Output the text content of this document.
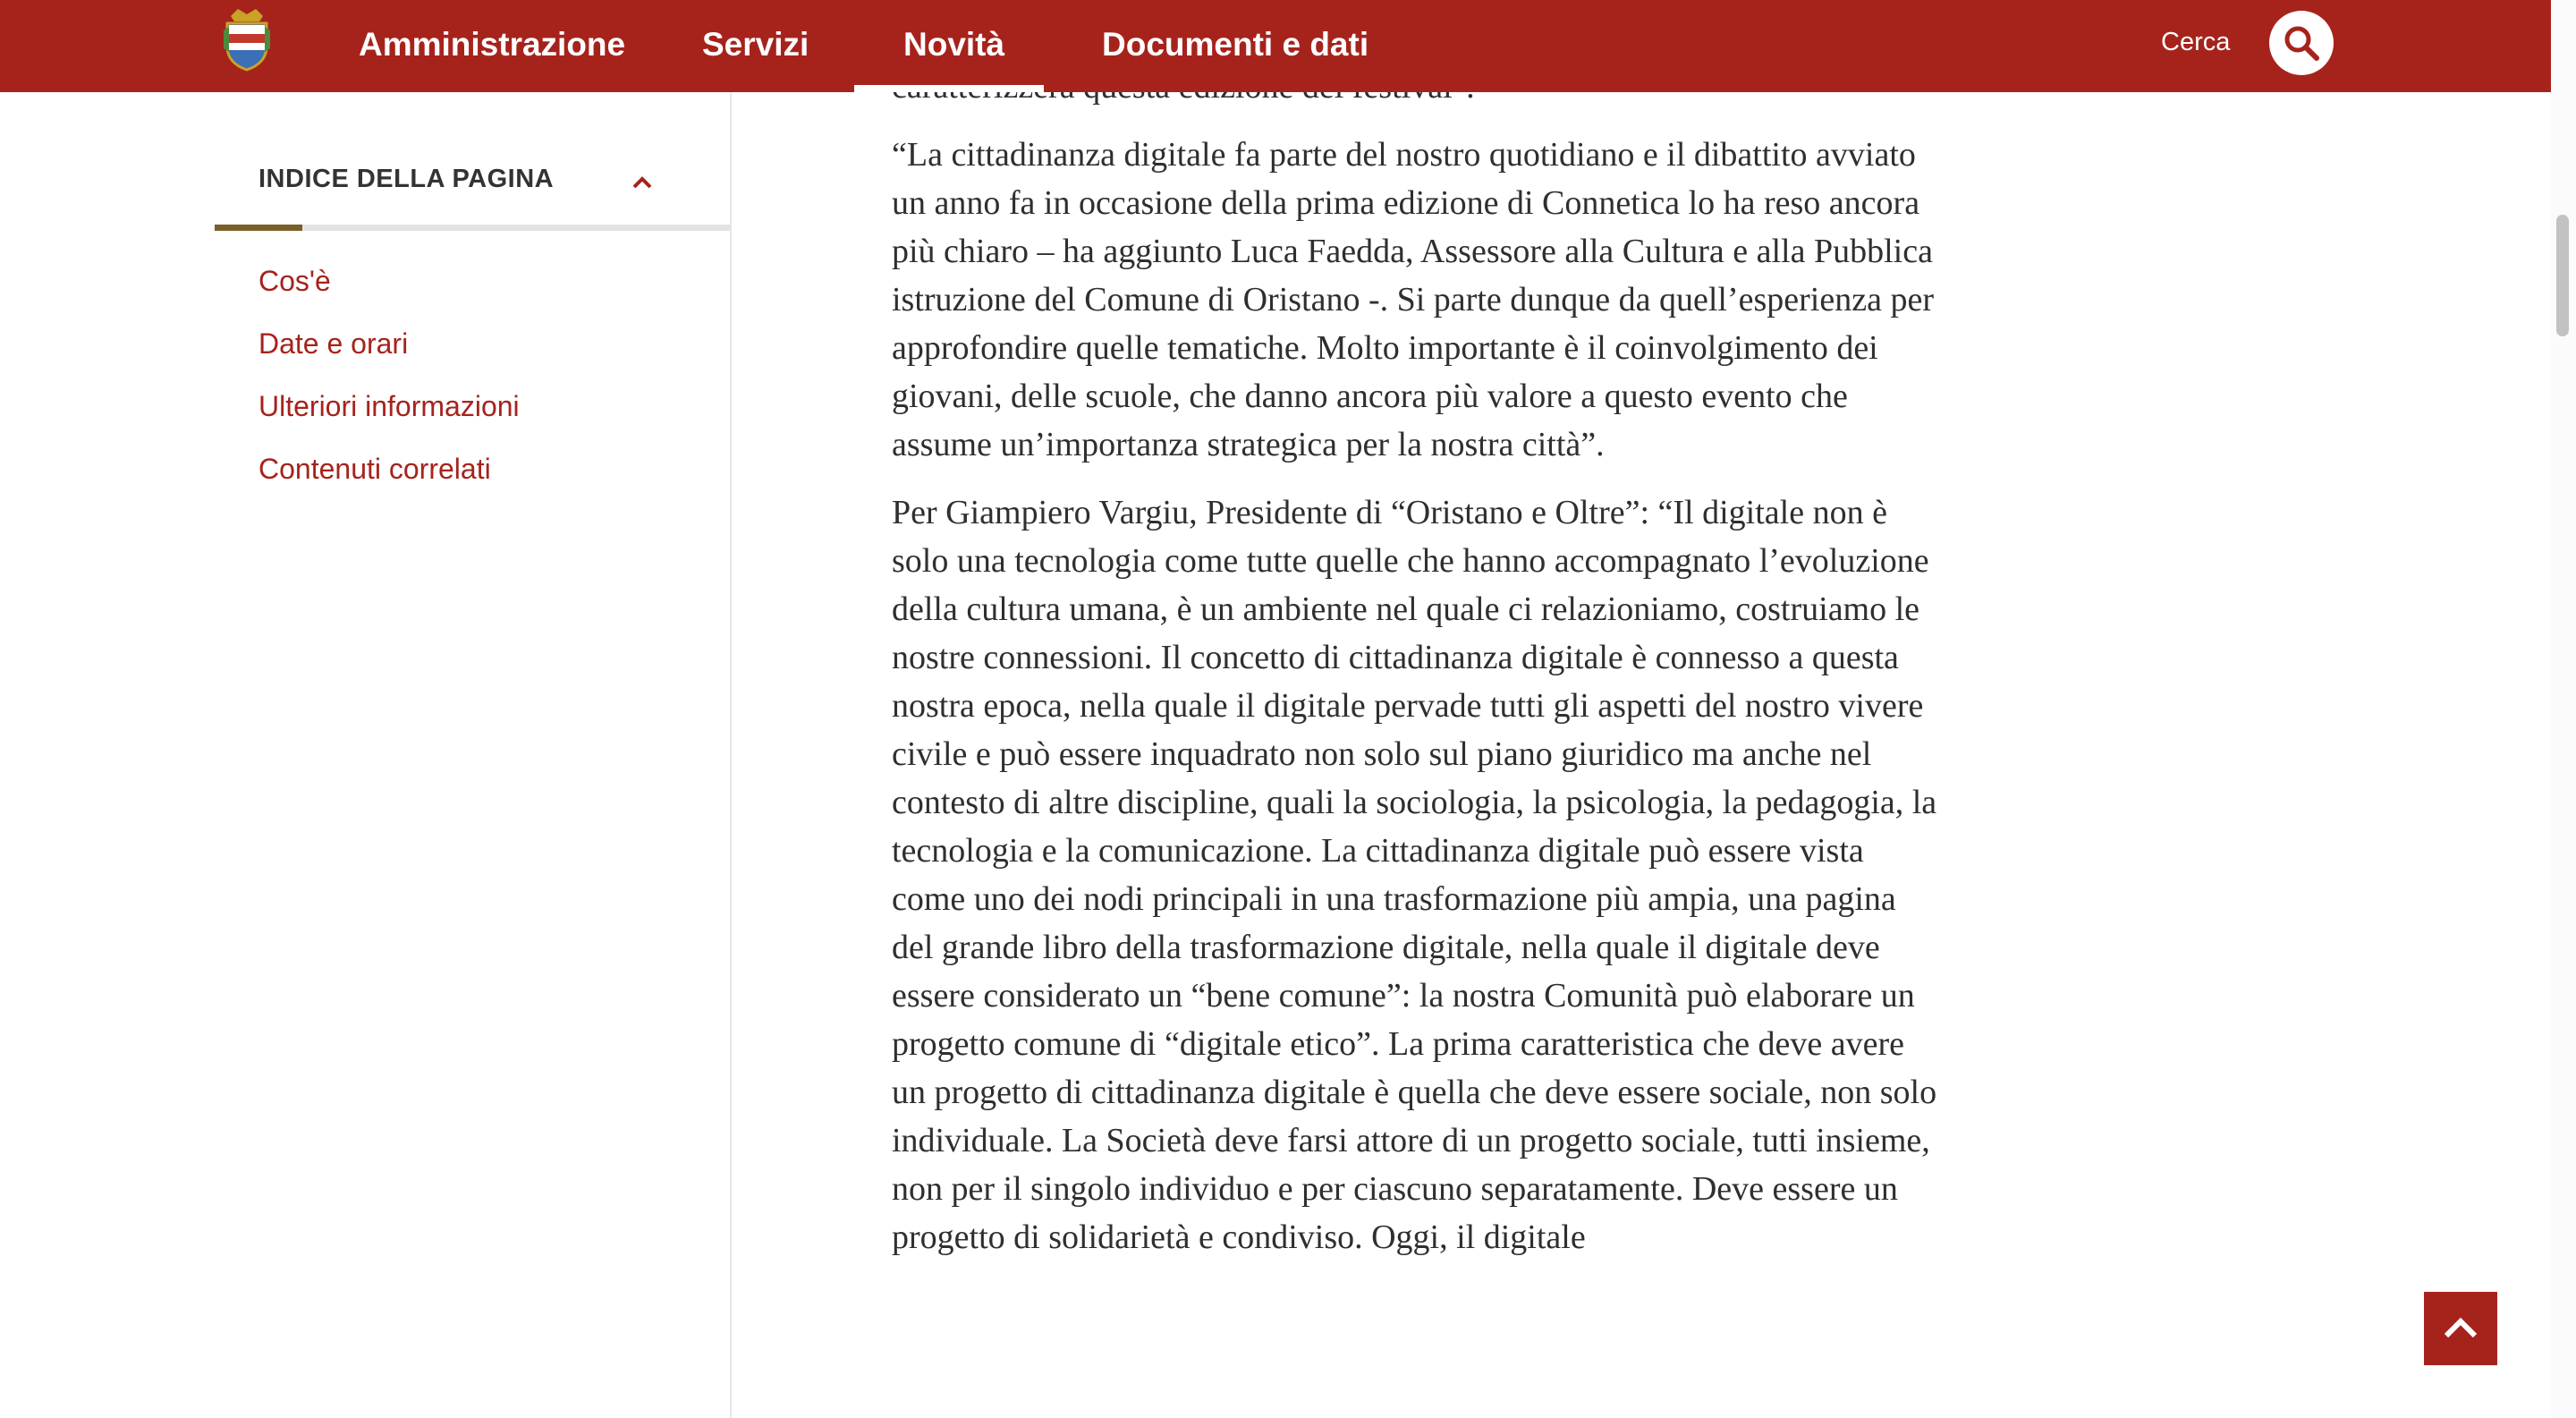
Amministrazione Servizi	Novità	Documenti e dati	Cerca
INDICE DELLA PAGINA
Cos'è
Date e orari
Ulteriori informazioni
Contenuti correlati

“La cittadinanza digitale fa parte del nostro quotidiano e il dibattito avviato un anno fa in occasione della prima edizione di Connetica lo ha reso ancora più chiaro – ha aggiunto Luca Faedda, Assessore alla Cultura e alla Pubblica istruzione del Comune di Oristano -. Si parte dunque da quell’esperienza per approfondire quelle tematiche. Molto importante è il coinvolgimento dei giovani, delle scuole, che danno ancora più valore a questo evento che assume un’importanza strategica per la nostra città”.

Per Giampiero Vargiu, Presidente di “Oristano e Oltre”: “Il digitale non è solo una tecnologia come tutte quelle che hanno accompagnato l’evoluzione della cultura umana, è un ambiente nel quale ci relazioniamo, costruiamo le nostre connessioni. Il concetto di cittadinanza digitale è connesso a questa nostra epoca, nella quale il digitale pervade tutti gli aspetti del nostro vivere civile e può essere inquadrato non solo sul piano giuridico ma anche nel contesto di altre discipline, quali la sociologia, la psicologia, la pedagogia, la tecnologia e la comunicazione. La cittadinanza digitale può essere vista come uno dei nodi principali in una trasformazione più ampia, una pagina del grande libro della trasformazione digitale, nella quale il digitale deve essere considerato un “bene comune”: la nostra Comunità può elaborare un progetto comune di “digitale etico”. La prima caratteristica che deve avere un progetto di cittadinanza digitale è quella che deve essere sociale, non solo individuale. La Società deve farsi attore di un progetto sociale, tutti insieme, non per il singolo individuo e per ciascuno separatamente. Deve essere un progetto di solidarietà e condiviso. Oggi, il digitale
